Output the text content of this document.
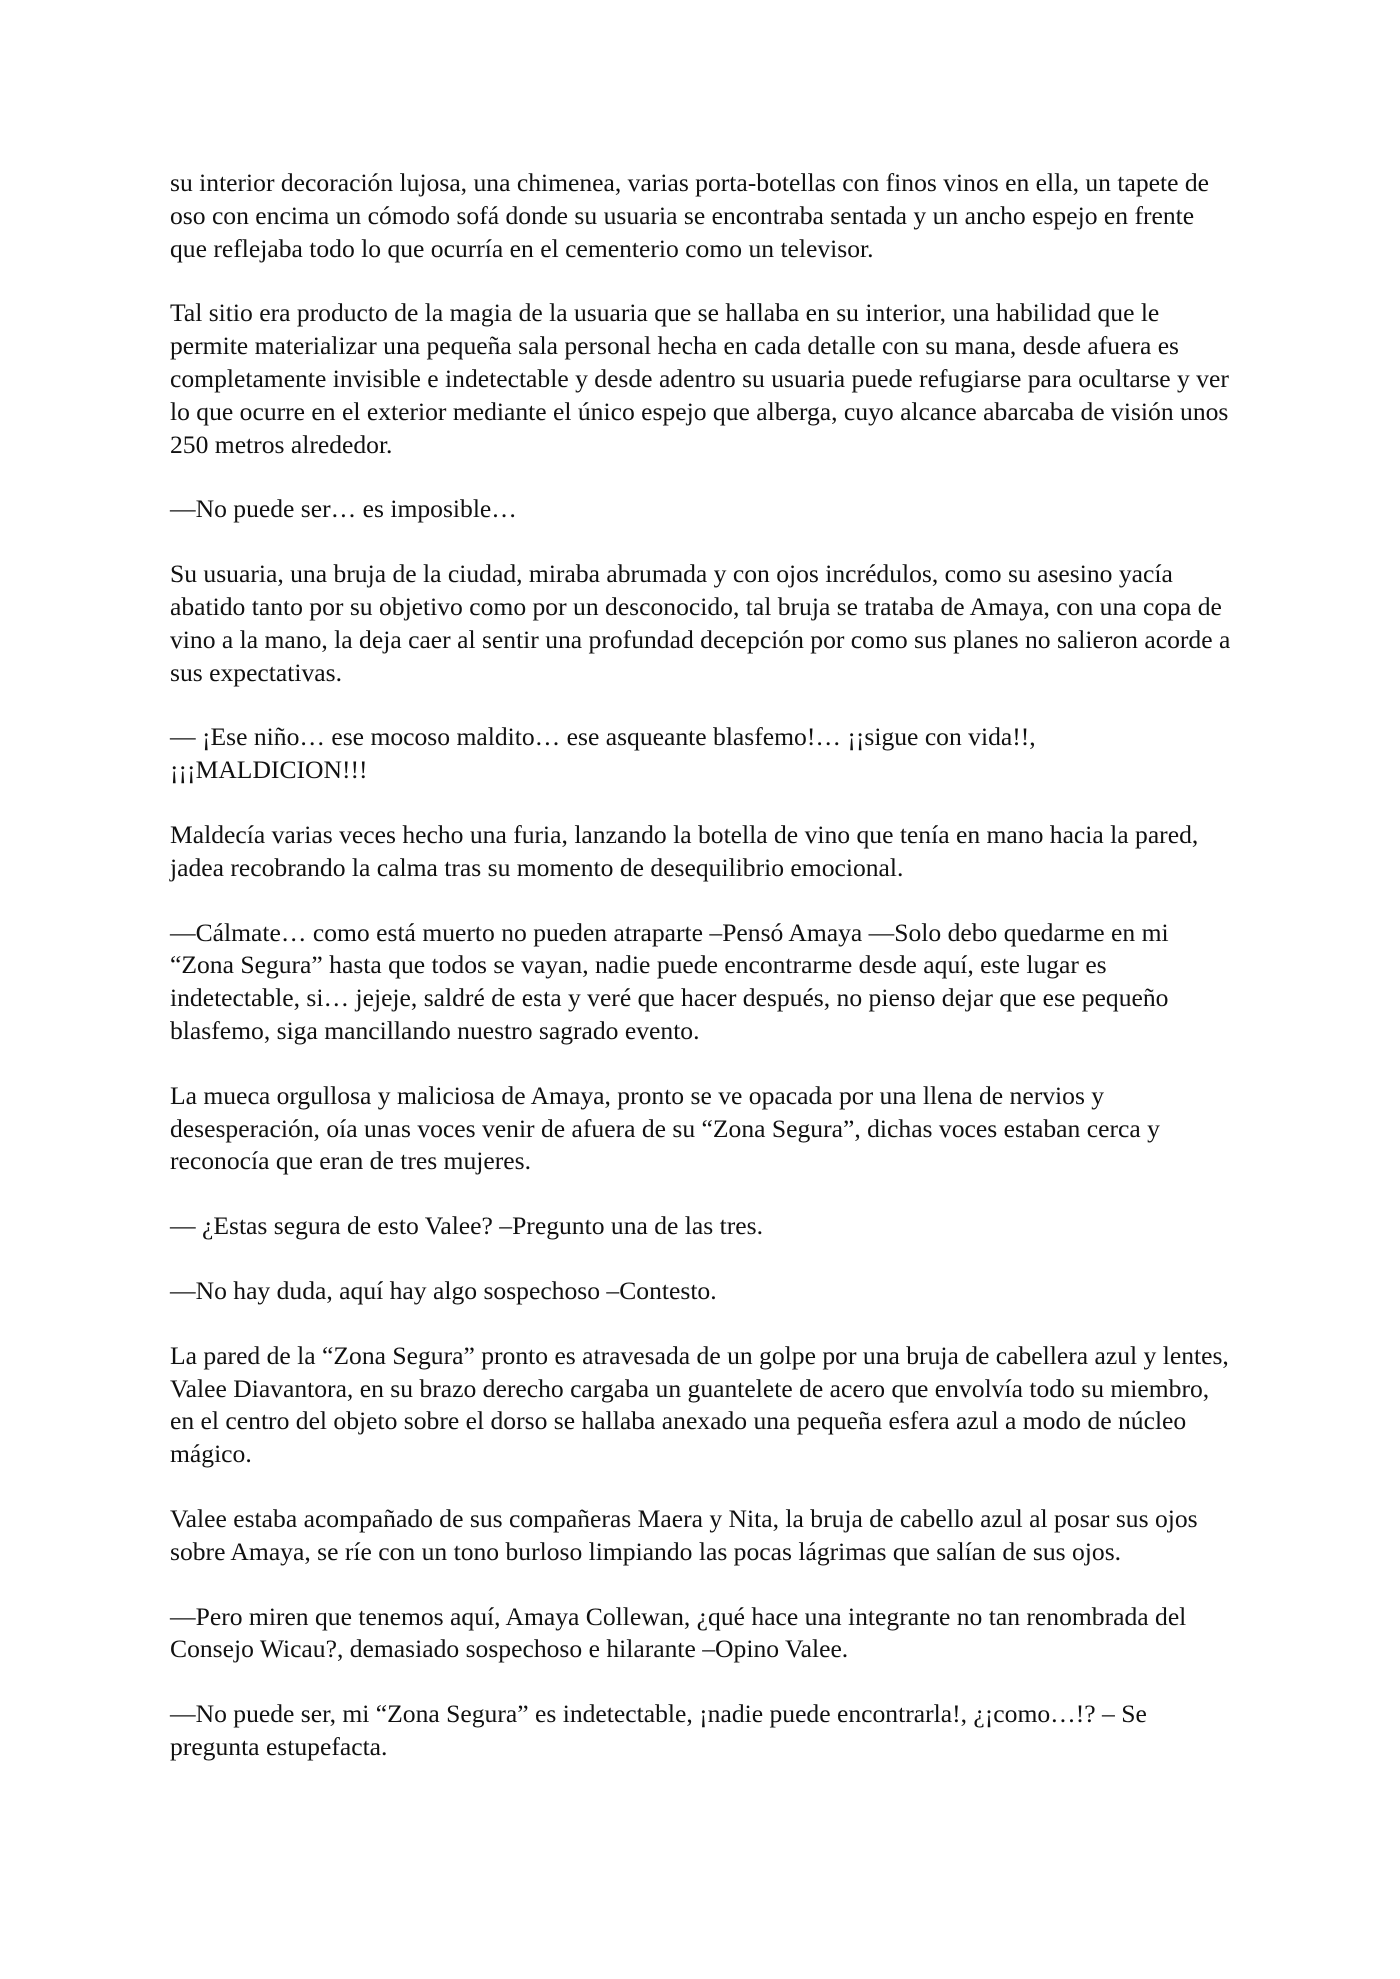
su interior decoración lujosa, una chimenea, varias porta-botellas con finos vinos en ella, un tapete de oso con encima un cómodo sofá donde su usuaria se encontraba sentada y un ancho espejo en frente que reflejaba todo lo que ocurría en el cementerio como un televisor.

Tal sitio era producto de la magia de la usuaria que se hallaba en su interior, una habilidad que le permite materializar una pequeña sala personal hecha en cada detalle con su mana, desde afuera es completamente invisible e indetectable y desde adentro su usuaria puede refugiarse para ocultarse y ver lo que ocurre en el exterior mediante el único espejo que alberga, cuyo alcance abarcaba de visión unos 250 metros alrededor.

—No puede ser… es imposible…

Su usuaria, una bruja de la ciudad, miraba abrumada y con ojos incrédulos, como su asesino yacía abatido tanto por su objetivo como por un desconocido, tal bruja se trataba de Amaya, con una copa de vino a la mano, la deja caer al sentir una profundad decepción por como sus planes no salieron acorde a sus expectativas.

— ¡Ese niño… ese mocoso maldito… ese asqueante blasfemo!… ¡¡sigue con vida!!, ¡¡¡MALDICION!!!

Maldecía varias veces hecho una furia, lanzando la botella de vino que tenía en mano hacia la pared, jadea recobrando la calma tras su momento de desequilibrio emocional.

—Cálmate… como está muerto no pueden atraparte –Pensó Amaya —Solo debo quedarme en mi “Zona Segura” hasta que todos se vayan, nadie puede encontrarme desde aquí, este lugar es indetectable, si… jejeje, saldré de esta y veré que hacer después, no pienso dejar que ese pequeño blasfemo, siga mancillando nuestro sagrado evento.

La mueca orgullosa y maliciosa de Amaya, pronto se ve opacada por una llena de nervios y desesperación, oía unas voces venir de afuera de su “Zona Segura”, dichas voces estaban cerca y reconocía que eran de tres mujeres.

— ¿Estas segura de esto Valee? –Pregunto una de las tres.

—No hay duda, aquí hay algo sospechoso –Contesto.

La pared de la “Zona Segura” pronto es atravesada de un golpe por una bruja de cabellera azul y lentes, Valee Diavantora, en su brazo derecho cargaba un guantelete de acero que envolvía todo su miembro, en el centro del objeto sobre el dorso se hallaba anexado una pequeña esfera azul a modo de núcleo mágico.

Valee estaba acompañado de sus compañeras Maera y Nita, la bruja de cabello azul al posar sus ojos sobre Amaya, se ríe con un tono burloso limpiando las pocas lágrimas que salían de sus ojos.

—Pero miren que tenemos aquí, Amaya Collewan, ¿qué hace una integrante no tan renombrada del Consejo Wicau?, demasiado sospechoso e hilarante –Opino Valee.

—No puede ser, mi “Zona Segura” es indetectable, ¡nadie puede encontrarla!, ¿¡como…!? – Se pregunta estupefacta.
